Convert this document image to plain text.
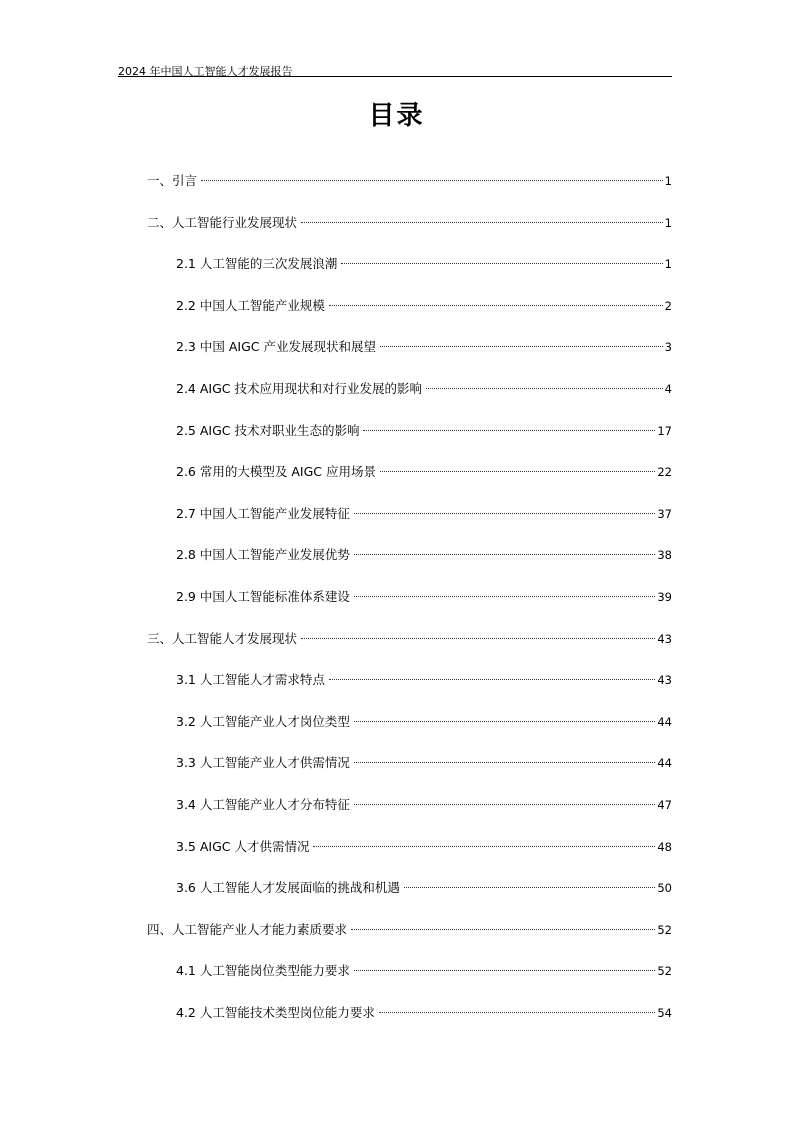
2024 年中国人工智能人才发展报告
目录
一、引言	1
二、人工智能行业发展现状	1
2.1 人工智能的三次发展浪潮	1
2.2 中国人工智能产业规模	2
2.3 中国 AIGC 产业发展现状和展望	3
2.4 AIGC 技术应用现状和对行业发展的影响	4
2.5 AIGC 技术对职业生态的影响	17
2.6 常用的大模型及 AIGC 应用场景	22
2.7 中国人工智能产业发展特征	37
2.8 中国人工智能产业发展优势	38
2.9 中国人工智能标准体系建设	39
三、人工智能人才发展现状	43
3.1 人工智能人才需求特点	43
3.2 人工智能产业人才岗位类型	44
3.3 人工智能产业人才供需情况	44
3.4 人工智能产业人才分布特征	47
3.5 AIGC 人才供需情况	48
3.6 人工智能人才发展面临的挑战和机遇	50
四、人工智能产业人才能力素质要求	52
4.1 人工智能岗位类型能力要求	52
4.2 人工智能技术类型岗位能力要求	54
